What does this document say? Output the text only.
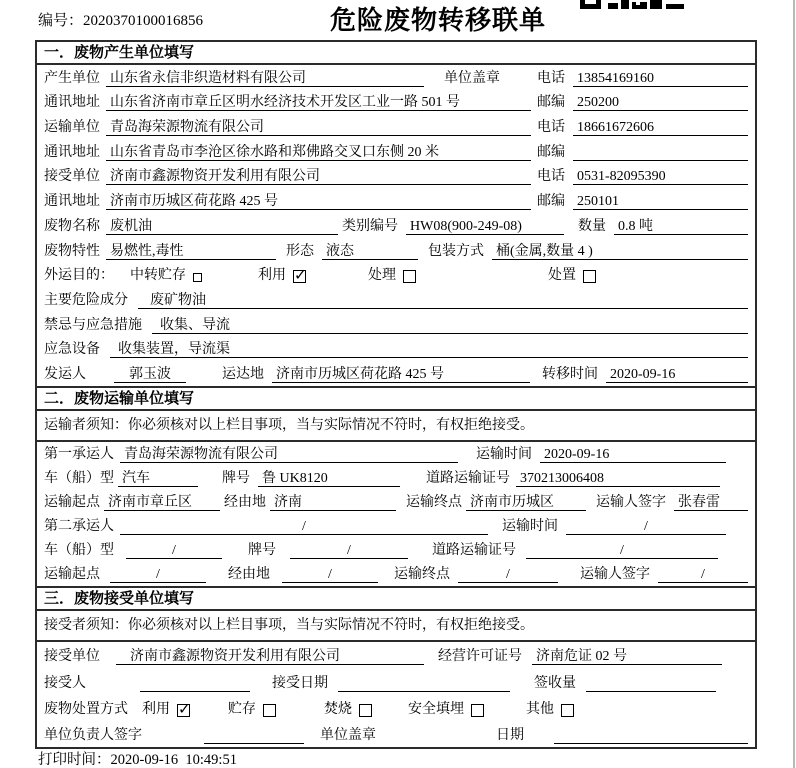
编号：2020370100016856	危险废物转移联单
一．废物产生单位填写
产生单位 山东省永信非织造材料有限公司	单位盖章	电话 13854169160
通讯地址 山东省济南市章丘区明水经济技术开发区工业一路 501 号	邮编 250200
运输单位 青岛海荣源物流有限公司	电话 18661672606
通讯地址 山东省青岛市李沧区徐水路和郑佛路交叉口东侧 20 米	邮编
接受单位 济南市鑫源物资开发利用有限公司	电话 0531-82095390
通讯地址 济南市历城区荷花路 425 号	邮编 250101
废物名称 废机油	类别编号 HW08(900-249-08)	数量 0.8 吨
废物特性 易燃性,毒性	形态 液态	包装方式 桶(金属,数量 4 )
外运目的： 中转贮存	利用 ✓	处理	处置
主要危险成分	废矿物油
禁忌与应急措施	收集、导流
应急设备	收集装置，导流渠
发运人	郭玉波	运达地 济南市历城区荷花路 425 号	转移时间 2020-09-16
二．废物运输单位填写
运输者须知：你必须核对以上栏目事项，当与实际情况不符时，有权拒绝接受。
第一承运人 青岛海荣源物流有限公司	运输时间 2020-09-16
车（船）型 汽车	牌号 鲁 UK8120	道路运输证号 370213006408
运输起点 济南市章丘区	经由地 济南	运输终点 济南市历城区	运输人签字 张春雷
第二承运人	/	运输时间	/
车（船）型	/	牌号	/	道路运输证号	/
运输起点	/	经由地	/	运输终点	/	运输人签字	/
三．废物接受单位填写
接受者须知：你必须核对以上栏目事项，当与实际情况不符时，有权拒绝接受。
接受单位	济南市鑫源物资开发利用有限公司	经营许可证号 济南危证 02 号
接受人	接受日期	签收量
废物处置方式 利用 ✓	贮存	焚烧	安全填埋	其他
单位负责人签字	单位盖章	日期
打印时间：2020-09-16  10:49:51
